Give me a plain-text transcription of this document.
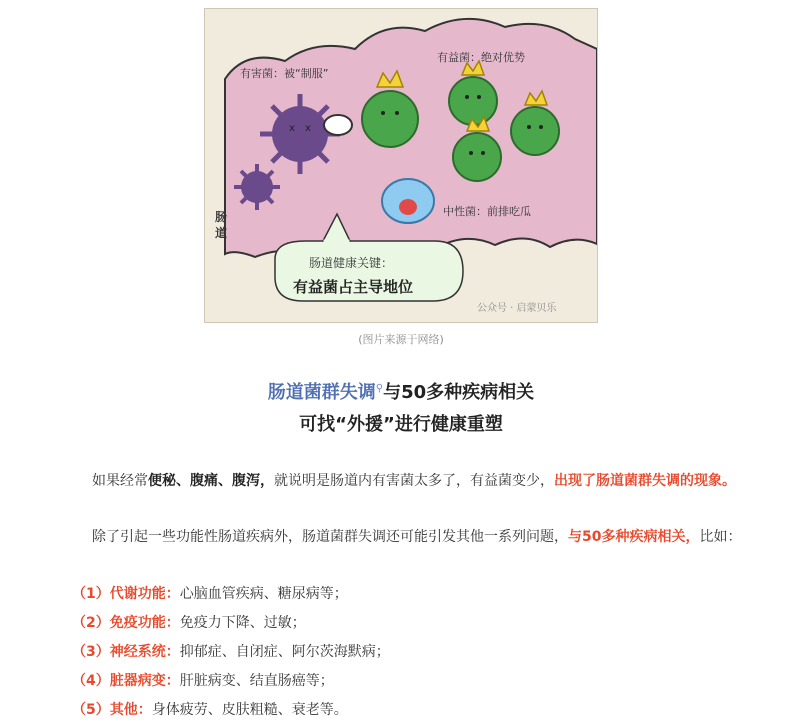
x x
有害菌：被“制服”
有益菌：绝对优势
中性菌：前排吃瓜
肠
道
肠道健康关键：
有益菌占主导地位
公众号 · 启蒙贝乐
(图片来源于网络)
肠道菌群失调⚲与50多种疾病相关
可找“外援”进行健康重塑
如果经常便秘、腹痛、腹泻，就说明是肠道内有害菌太多了，有益菌变少，出现了肠道菌群失调的现象。
除了引起一些功能性肠道疾病外，肠道菌群失调还可能引发其他一系列问题，与50多种疾病相关，比如：
（1）代谢功能：心脑血管疾病、糖尿病等；
（2）免疫功能：免疫力下降、过敏；
（3）神经系统：抑郁症、自闭症、阿尔茨海默病；
（4）脏器病变：肝脏病变、结直肠癌等；
（5）其他：身体疲劳、皮肤粗糙、衰老等。
